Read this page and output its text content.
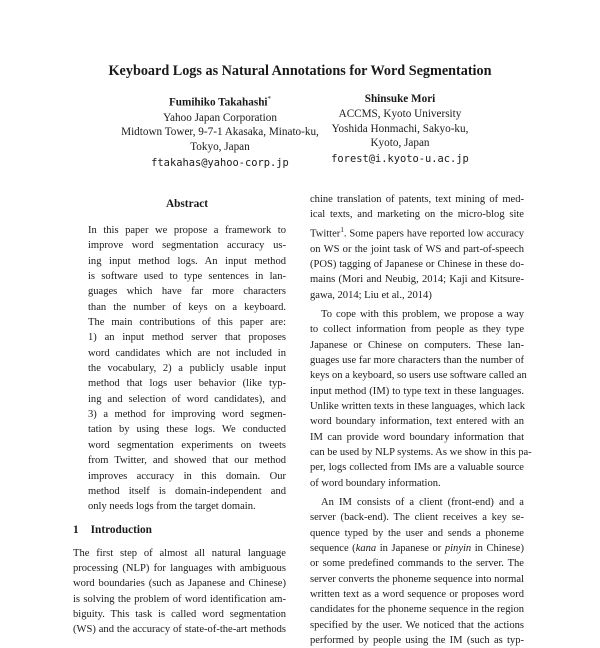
Keyboard Logs as Natural Annotations for Word Segmentation
Fumihiko Takahashi*
Yahoo Japan Corporation
Midtown Tower, 9-7-1 Akasaka, Minato-ku,
Tokyo, Japan
ftakahas@yahoo-corp.jp
Shinsuke Mori
ACCMS, Kyoto University
Yoshida Honmachi, Sakyo-ku,
Kyoto, Japan
forest@i.kyoto-u.ac.jp
Abstract
In this paper we propose a framework to
improve word segmentation accuracy us-
ing input method logs. An input method
is software used to type sentences in lan-
guages which have far more characters
than the number of keys on a keyboard.
The main contributions of this paper are:
1) an input method server that proposes
word candidates which are not included in
the vocabulary, 2) a publicly usable input
method that logs user behavior (like typ-
ing and selection of word candidates), and
3) a method for improving word segmen-
tation by using these logs. We conducted
word segmentation experiments on tweets
from Twitter, and showed that our method
improves accuracy in this domain. Our
method itself is domain-independent and
only needs logs from the target domain.
1 Introduction
The first step of almost all natural language
processing (NLP) for languages with ambiguous
word boundaries (such as Japanese and Chinese)
is solving the problem of word identification am-
biguity. This task is called word segmentation
(WS) and the accuracy of state-of-the-art methods
chine translation of patents, text mining of med-
ical texts, and marketing on the micro-blog site
Twitter$^1$. Some papers have reported low accuracy
on WS or the joint task of WS and part-of-speech
(POS) tagging of Japanese or Chinese in these do-
mains (Mori and Neubig, 2014; Kaji and Kitsure-
gawa, 2014; Liu et al., 2014)
To cope with this problem, we propose a way
to collect information from people as they type
Japanese or Chinese on computers. These lan-
guages use far more characters than the number of
keys on a keyboard, so users use software called an
input method (IM) to type text in these languages.
Unlike written texts in these languages, which lack
word boundary information, text entered with an
IM can provide word boundary information that
can be used by NLP systems. As we show in this pa-
per, logs collected from IMs are a valuable source
of word boundary information.
An IM consists of a client (front-end) and a
server (back-end). The client receives a key se-
quence typed by the user and sends a phoneme
sequence (kana in Japanese or pinyin in Chinese)
or some predefined commands to the server. The
server converts the phoneme sequence into normal
written text as a word sequence or proposes word
candidates for the phoneme sequence in the region
specified by the user. We noticed that the actions
performed by people using the IM (such as typ-
